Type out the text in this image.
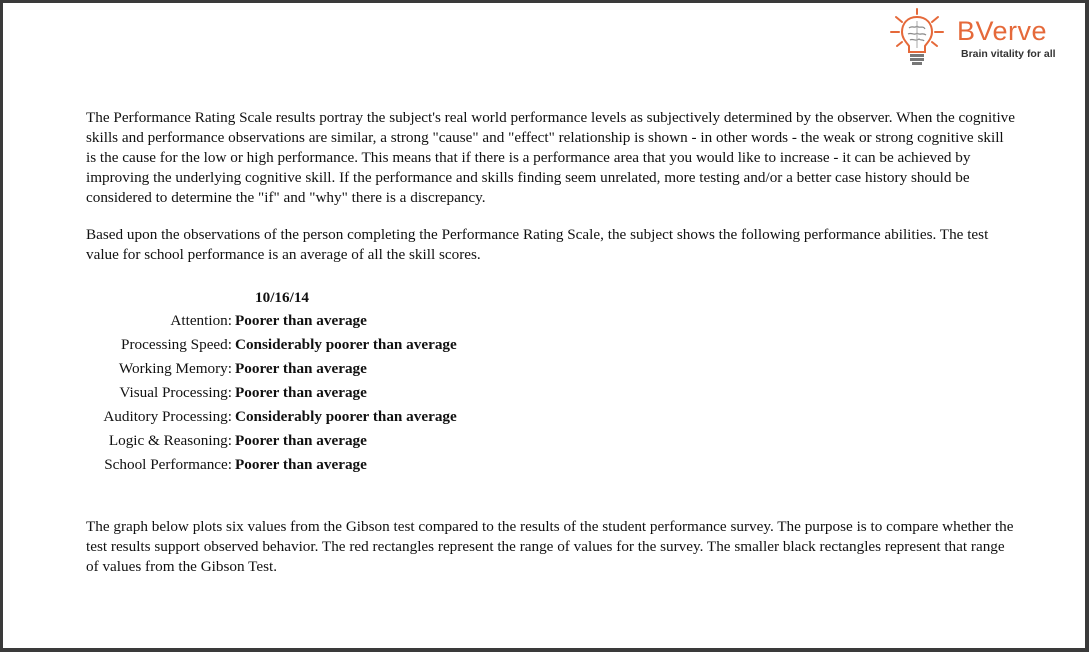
BVerve
Brain vitality for all
The Performance Rating Scale results portray the subject's real world performance levels as subjectively determined by the observer. When the cognitive skills and performance observations are similar, a strong "cause" and "effect" relationship is shown - in other words - the weak or strong cognitive skill is the cause for the low or high performance. This means that if there is a performance area that you would like to increase - it can be achieved by improving the underlying cognitive skill. If the performance and skills finding seem unrelated, more testing and/or a better case history should be considered to determine the "if" and "why" there is a discrepancy.
Based upon the observations of the person completing the Performance Rating Scale, the subject shows the following performance abilities. The test value for school performance is an average of all the skill scores.
10/16/14
Attention: Poorer than average
Processing Speed: Considerably poorer than average
Working Memory: Poorer than average
Visual Processing: Poorer than average
Auditory Processing: Considerably poorer than average
Logic & Reasoning: Poorer than average
School Performance: Poorer than average
The graph below plots six values from the Gibson test compared to the results of the student performance survey. The purpose is to compare whether the test results support observed behavior. The red rectangles represent the range of values for the survey. The smaller black rectangles represent that range of values from the Gibson Test.
